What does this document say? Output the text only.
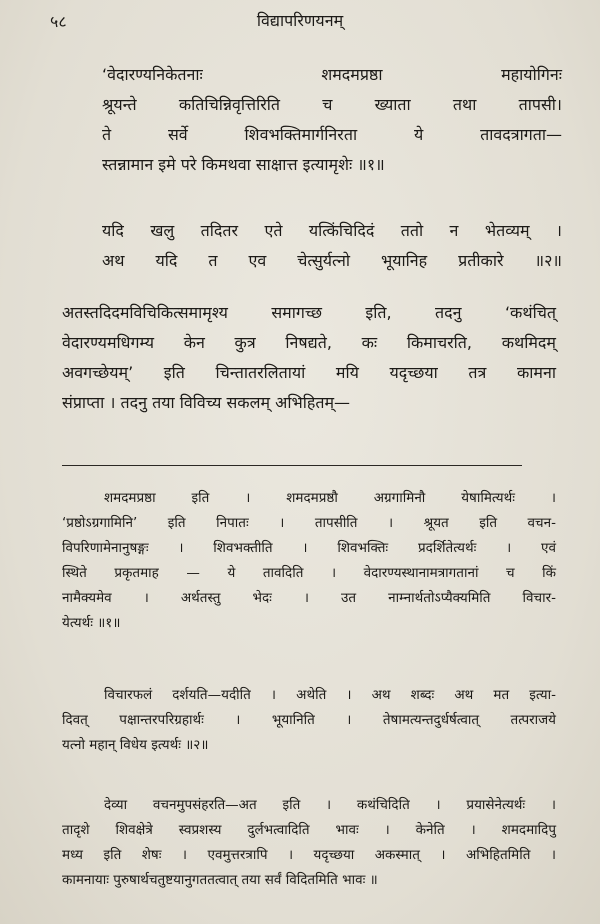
५८	विद्यापरिणयनम्
‘वेदारण्यनिकेतनाः शमदमप्रष्ठा महायोगिनः
श्रूयन्ते कतिचिन्निवृत्तिरिति च ख्याता तथा तापसी।
ते सर्वे शिवभक्तिमार्गनिरता ये तावदत्रागता—
स्तन्नामान इमे परे किमथवा साक्षात्त इत्यामृशेः ॥१॥
यदि खलु तदितर एते यत्किंचिदिदं ततो न भेतव्यम् ।
अथ यदि त एव चेत्सुर्यत्नो भूयानिह प्रतीकारे ॥२॥
अतस्तदिदमविचिकित्समामृश्य समागच्छ इति, तदनु ‘कथंचित्
वेदारण्यमधिगम्य केन कुत्र निषद्यते, कः किमाचरति, कथमिदम्
अवगच्छेयम्’ इति चिन्तातरलितायां मयि यदृच्छया तत्र कामना
संप्राप्ता । तदनु तया विविच्य सकलम् अभिहितम्—
शमदमप्रष्ठा इति । शमदमप्रष्ठौ अग्रगामिनौ येषामित्यर्थः ।
‘प्रष्ठोऽग्रगामिनि’ इति निपातः । तापसीति । श्रूयत इति वचन-
विपरिणामेनानुषङ्गः । शिवभक्तीति । शिवभक्तिः प्रदर्शितेत्यर्थः । एवं
स्थिते प्रकृतमाह — ये तावदिति । वेदारण्यस्थानामत्रागतानां च किं
नामैक्यमेव । अर्थतस्तु भेदः । उत नाम्नार्थतोऽप्यैक्यमिति विचार-
येत्यर्थः ॥१॥
विचारफलं दर्शयति—यदीति । अथेति । अथ शब्दः अथ मत इत्या-
दिवत् पक्षान्तरपरिग्रहार्थः । भूयानिति । तेषामत्यन्तदुर्धर्षत्वात् तत्पराजये
यत्नो महान् विधेय इत्यर्थः ॥२॥
देव्या वचनमुपसंहरति—अत इति । कथंचिदिति । प्रयासेनेत्यर्थः ।
तादृशे शिवक्षेत्रे स्वप्रशस्य दुर्लभत्वादिति भावः । केनेति । शमदमादिपु
मध्य इति शेषः । एवमुत्तरत्रापि । यदृच्छया अकस्मात् । अभिहितमिति ।
कामनायाः पुरुषार्थचतुष्टयानुगततत्वात् तया सर्वं विदितमिति भावः ॥
